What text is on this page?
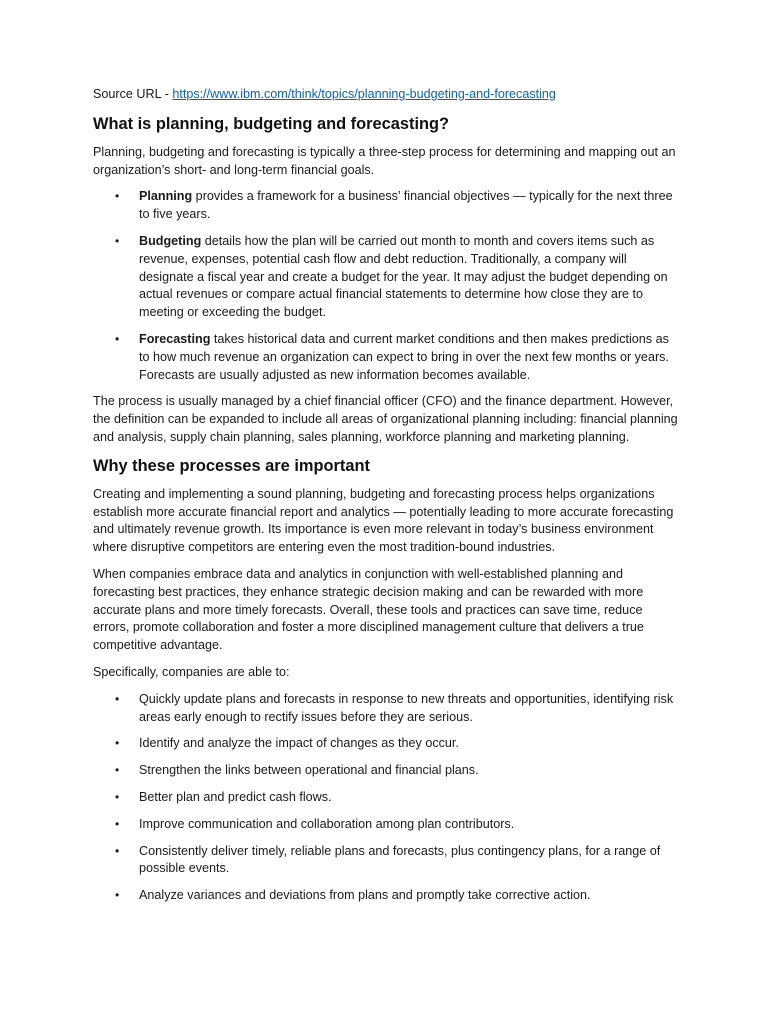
Source URL - https://www.ibm.com/think/topics/planning-budgeting-and-forecasting

What is planning, budgeting and forecasting?

Planning, budgeting and forecasting is typically a three-step process for determining and mapping out an organization’s short- and long-term financial goals.

• Planning provides a framework for a business’ financial objectives — typically for the next three to five years.
• Budgeting details how the plan will be carried out month to month and covers items such as revenue, expenses, potential cash flow and debt reduction. Traditionally, a company will designate a fiscal year and create a budget for the year. It may adjust the budget depending on actual revenues or compare actual financial statements to determine how close they are to meeting or exceeding the budget.
• Forecasting takes historical data and current market conditions and then makes predictions as to how much revenue an organization can expect to bring in over the next few months or years. Forecasts are usually adjusted as new information becomes available.

The process is usually managed by a chief financial officer (CFO) and the finance department. However, the definition can be expanded to include all areas of organizational planning including: financial planning and analysis, supply chain planning, sales planning, workforce planning and marketing planning.

Why these processes are important

Creating and implementing a sound planning, budgeting and forecasting process helps organizations establish more accurate financial report and analytics — potentially leading to more accurate forecasting and ultimately revenue growth. Its importance is even more relevant in today’s business environment where disruptive competitors are entering even the most tradition-bound industries.

When companies embrace data and analytics in conjunction with well-established planning and forecasting best practices, they enhance strategic decision making and can be rewarded with more accurate plans and more timely forecasts. Overall, these tools and practices can save time, reduce errors, promote collaboration and foster a more disciplined management culture that delivers a true competitive advantage.

Specifically, companies are able to:

• Quickly update plans and forecasts in response to new threats and opportunities, identifying risk areas early enough to rectify issues before they are serious.
• Identify and analyze the impact of changes as they occur.
• Strengthen the links between operational and financial plans.
• Better plan and predict cash flows.
• Improve communication and collaboration among plan contributors.
• Consistently deliver timely, reliable plans and forecasts, plus contingency plans, for a range of possible events.
• Analyze variances and deviations from plans and promptly take corrective action.
